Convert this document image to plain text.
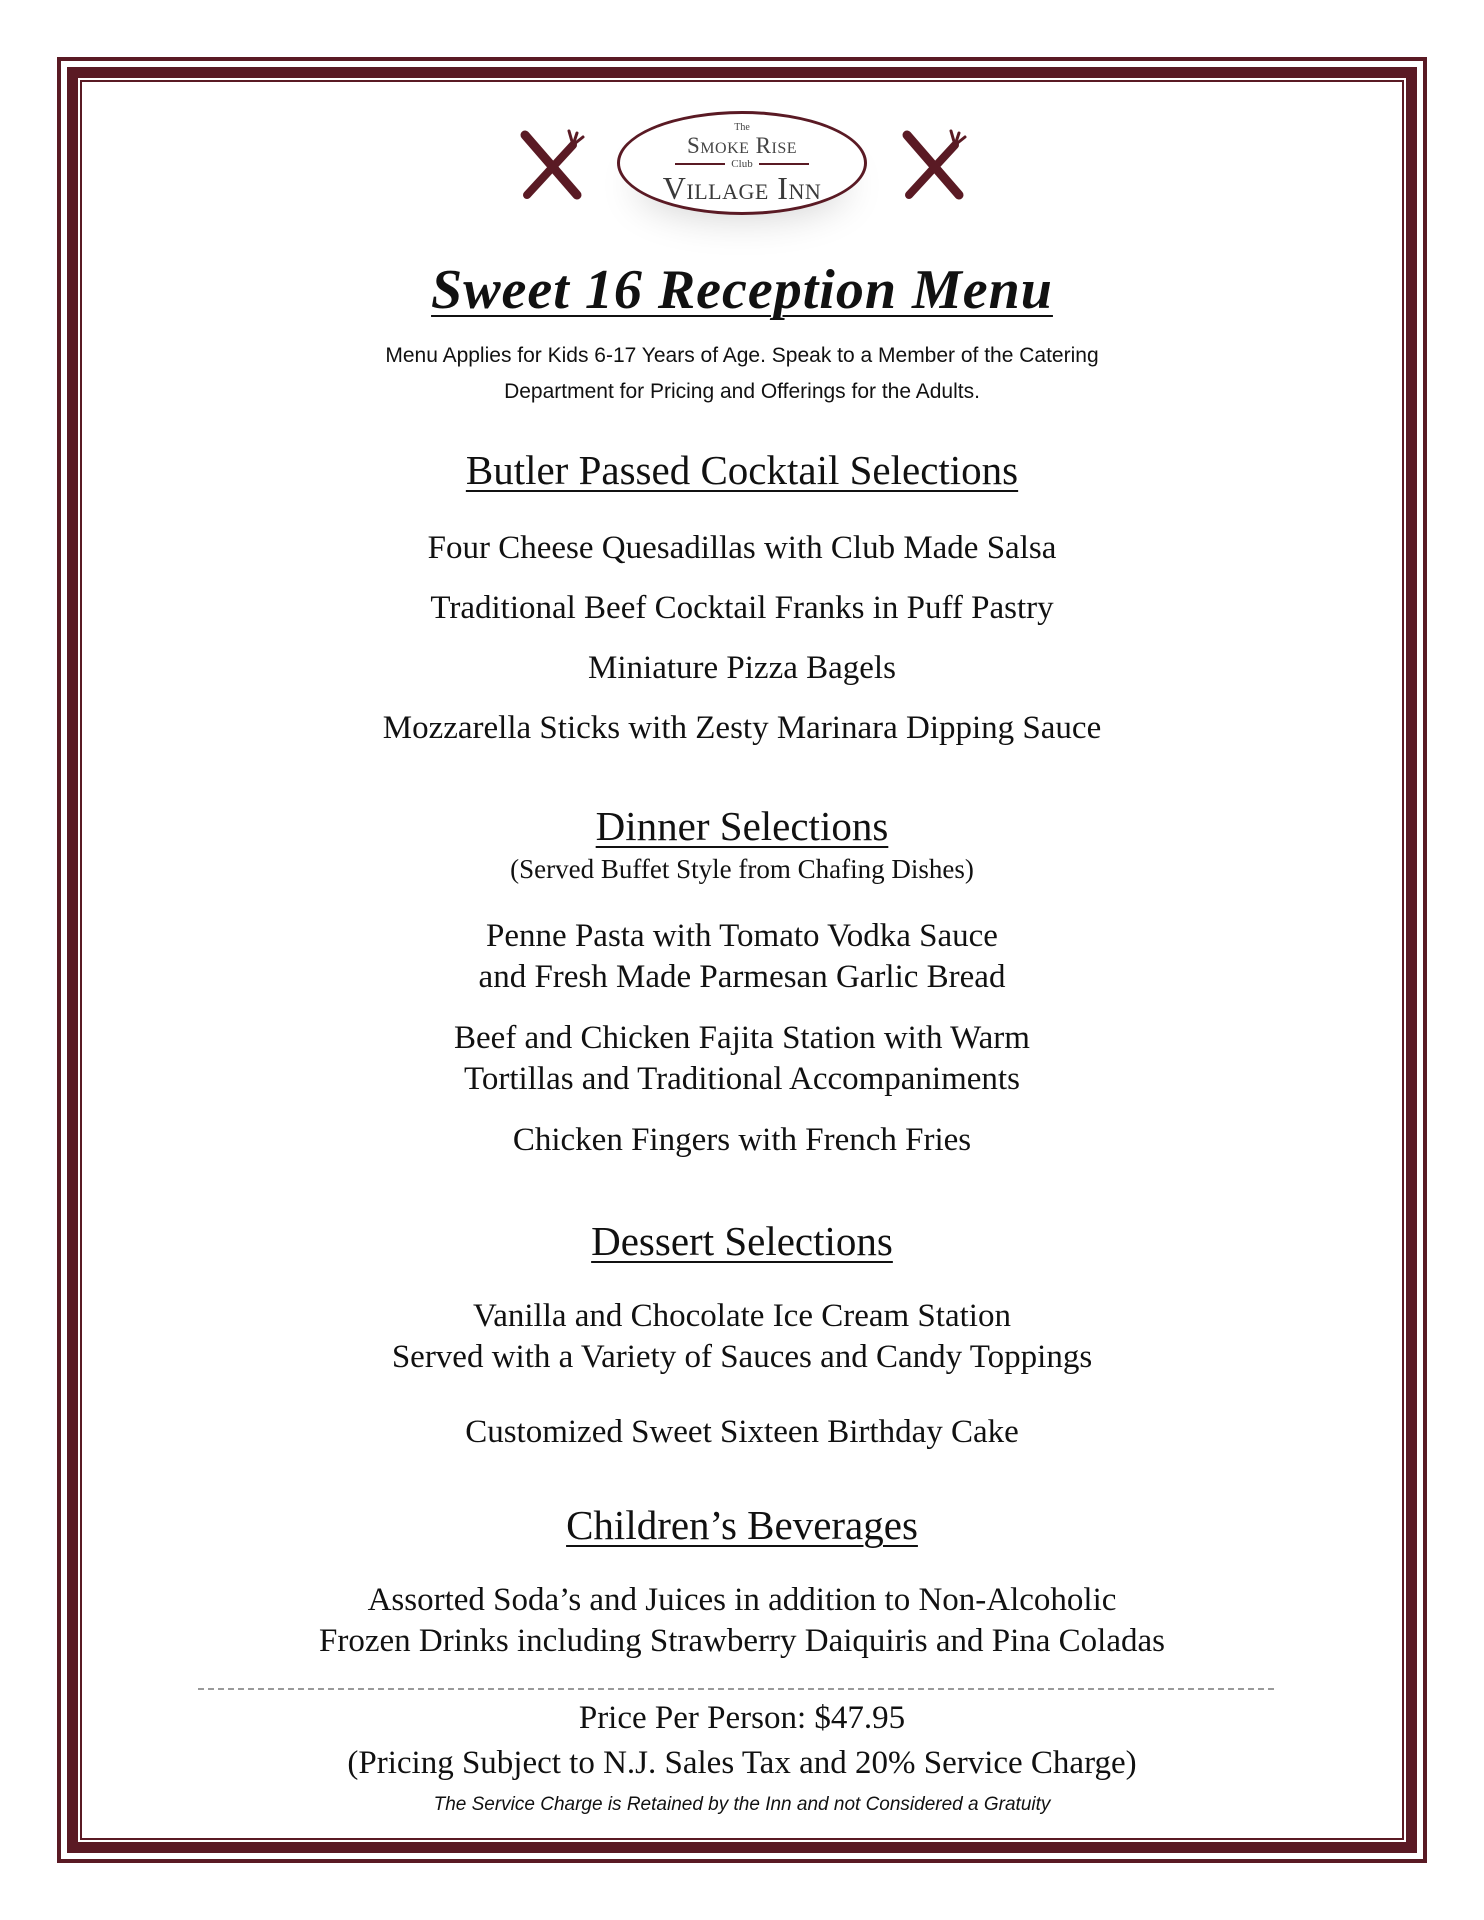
The
Smoke Rise
Club
Village Inn
Sweet 16 Reception Menu
Menu Applies for Kids 6-17 Years of Age. Speak to a Member of the Catering
Department for Pricing and Offerings for the Adults.
Butler Passed Cocktail Selections
Four Cheese Quesadillas with Club Made Salsa
Traditional Beef Cocktail Franks in Puff Pastry
Miniature Pizza Bagels
Mozzarella Sticks with Zesty Marinara Dipping Sauce
Dinner Selections
(Served Buffet Style from Chafing Dishes)
Penne Pasta with Tomato Vodka Sauce
and Fresh Made Parmesan Garlic Bread
Beef and Chicken Fajita Station with Warm
Tortillas and Traditional Accompaniments
Chicken Fingers with French Fries
Dessert Selections
Vanilla and Chocolate Ice Cream Station
Served with a Variety of Sauces and Candy Toppings
Customized Sweet Sixteen Birthday Cake
Children’s Beverages
Assorted Soda’s and Juices in addition to Non-Alcoholic
Frozen Drinks including Strawberry Daiquiris and Pina Coladas
Price Per Person: $47.95
(Pricing Subject to N.J. Sales Tax and 20% Service Charge)
The Service Charge is Retained by the Inn and not Considered a Gratuity
